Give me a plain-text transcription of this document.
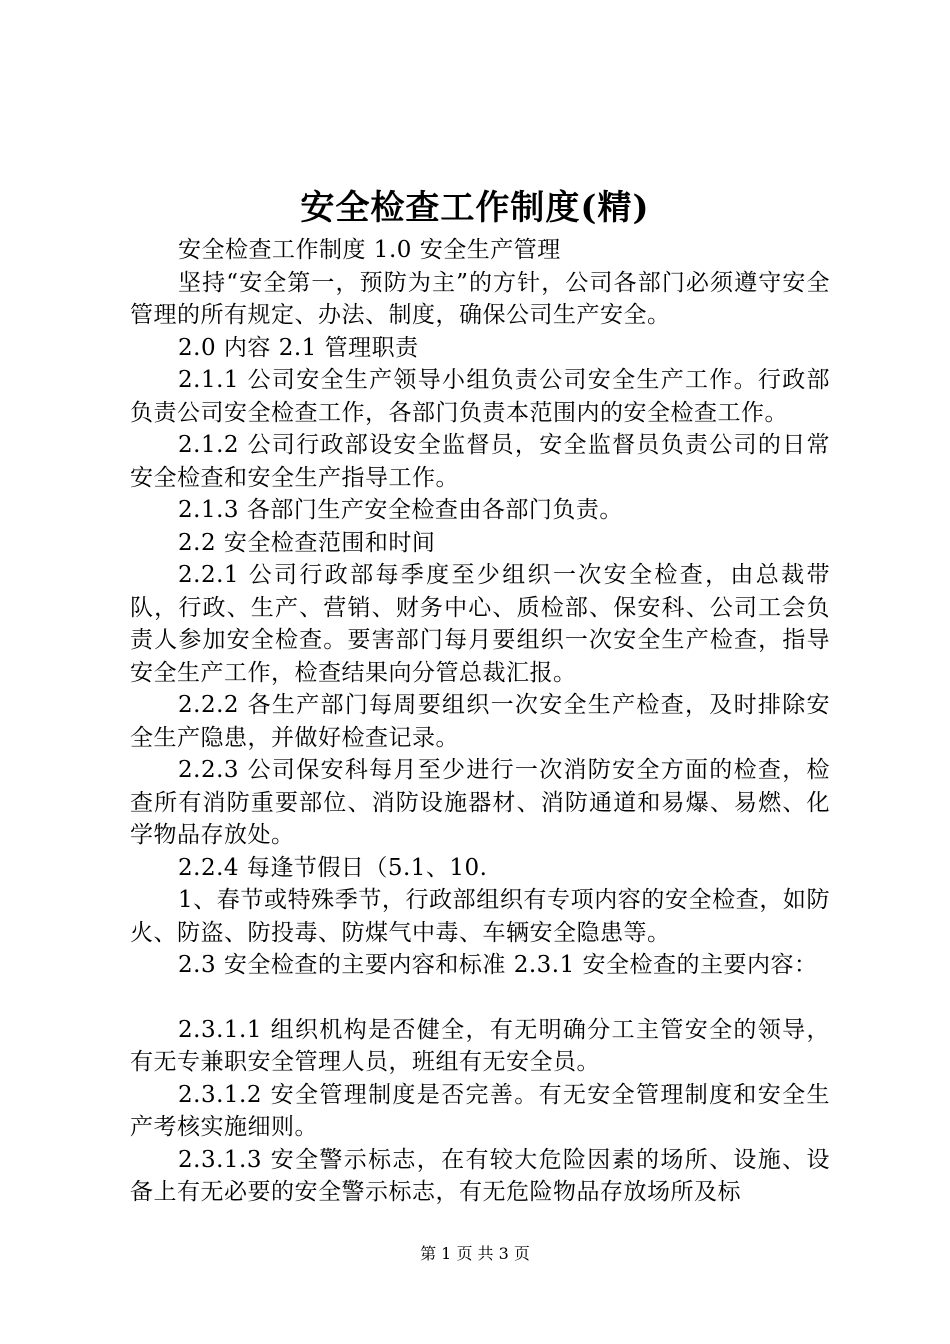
安全检查工作制度(精)

安全检查工作制度 1.0 安全生产管理

坚持“安全第一，预防为主”的方针，公司各部门必须遵守安全管理的所有规定、办法、制度，确保公司生产安全。

2.0 内容 2.1 管理职责

2.1.1 公司安全生产领导小组负责公司安全生产工作。行政部负责公司安全检查工作，各部门负责本范围内的安全检查工作。

2.1.2 公司行政部设安全监督员，安全监督员负责公司的日常安全检查和安全生产指导工作。

2.1.3 各部门生产安全检查由各部门负责。

2.2 安全检查范围和时间

2.2.1 公司行政部每季度至少组织一次安全检查，由总裁带队，行政、生产、营销、财务中心、质检部、保安科、公司工会负责人参加安全检查。要害部门每月要组织一次安全生产检查，指导安全生产工作，检查结果向分管总裁汇报。

2.2.2 各生产部门每周要组织一次安全生产检查，及时排除安全生产隐患，并做好检查记录。

2.2.3 公司保安科每月至少进行一次消防安全方面的检查，检查所有消防重要部位、消防设施器材、消防通道和易爆、易燃、化学物品存放处。

2.2.4 每逢节假日（5.1、10.

1、春节或特殊季节，行政部组织有专项内容的安全检查，如防火、防盗、防投毒、防煤气中毒、车辆安全隐患等。

2.3 安全检查的主要内容和标准 2.3.1 安全检查的主要内容：

2.3.1.1 组织机构是否健全，有无明确分工主管安全的领导，有无专兼职安全管理人员，班组有无安全员。

2.3.1.2 安全管理制度是否完善。有无安全管理制度和安全生产考核实施细则。

2.3.1.3 安全警示标志，在有较大危险因素的场所、设施、设备上有无必要的安全警示标志，有无危险物品存放场所及标

第 1 页 共 3 页
